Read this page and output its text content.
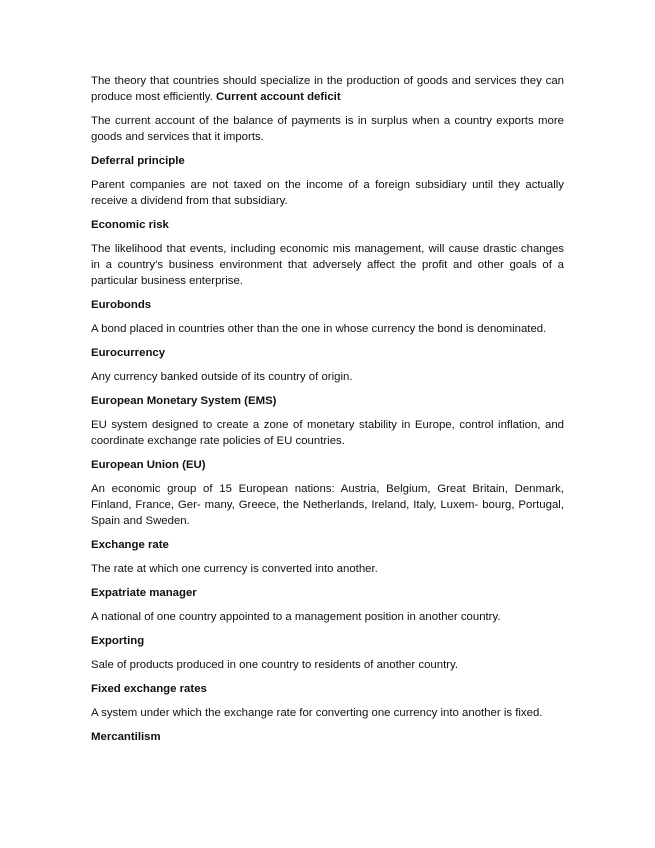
The theory that countries should specialize in the production of goods and services they can produce most efficiently. Current account deficit

The current account of the balance of payments is in surplus when a country exports more goods and services that it imports.

Deferral principle

Parent companies are not taxed on the income of a foreign subsidiary until they actually receive a dividend from that subsidiary.

Economic risk

The likelihood that events, including economic mis management, will cause drastic changes in a country’s business environment that adversely affect the profit and other goals of a particular business enterprise.

Eurobonds

A bond placed in countries other than the one in whose currency the bond is denominated.

Eurocurrency

Any currency banked outside of its country of origin.

European Monetary System (EMS)

EU system designed to create a zone of monetary stability in Europe, control inflation, and coordinate exchange rate policies of EU countries.

European Union (EU)

An economic group of 15 European nations: Austria, Belgium, Great Britain, Denmark, Finland, France, Ger- many, Greece, the Netherlands, Ireland, Italy, Luxem- bourg, Portugal, Spain and Sweden.

Exchange rate

The rate at which one currency is converted into another.

Expatriate manager

A national of one country appointed to a management position in another country.

Exporting

Sale of products produced in one country to residents of another country.

Fixed exchange rates

A system under which the exchange rate for converting one currency into another is fixed.

Mercantilism
